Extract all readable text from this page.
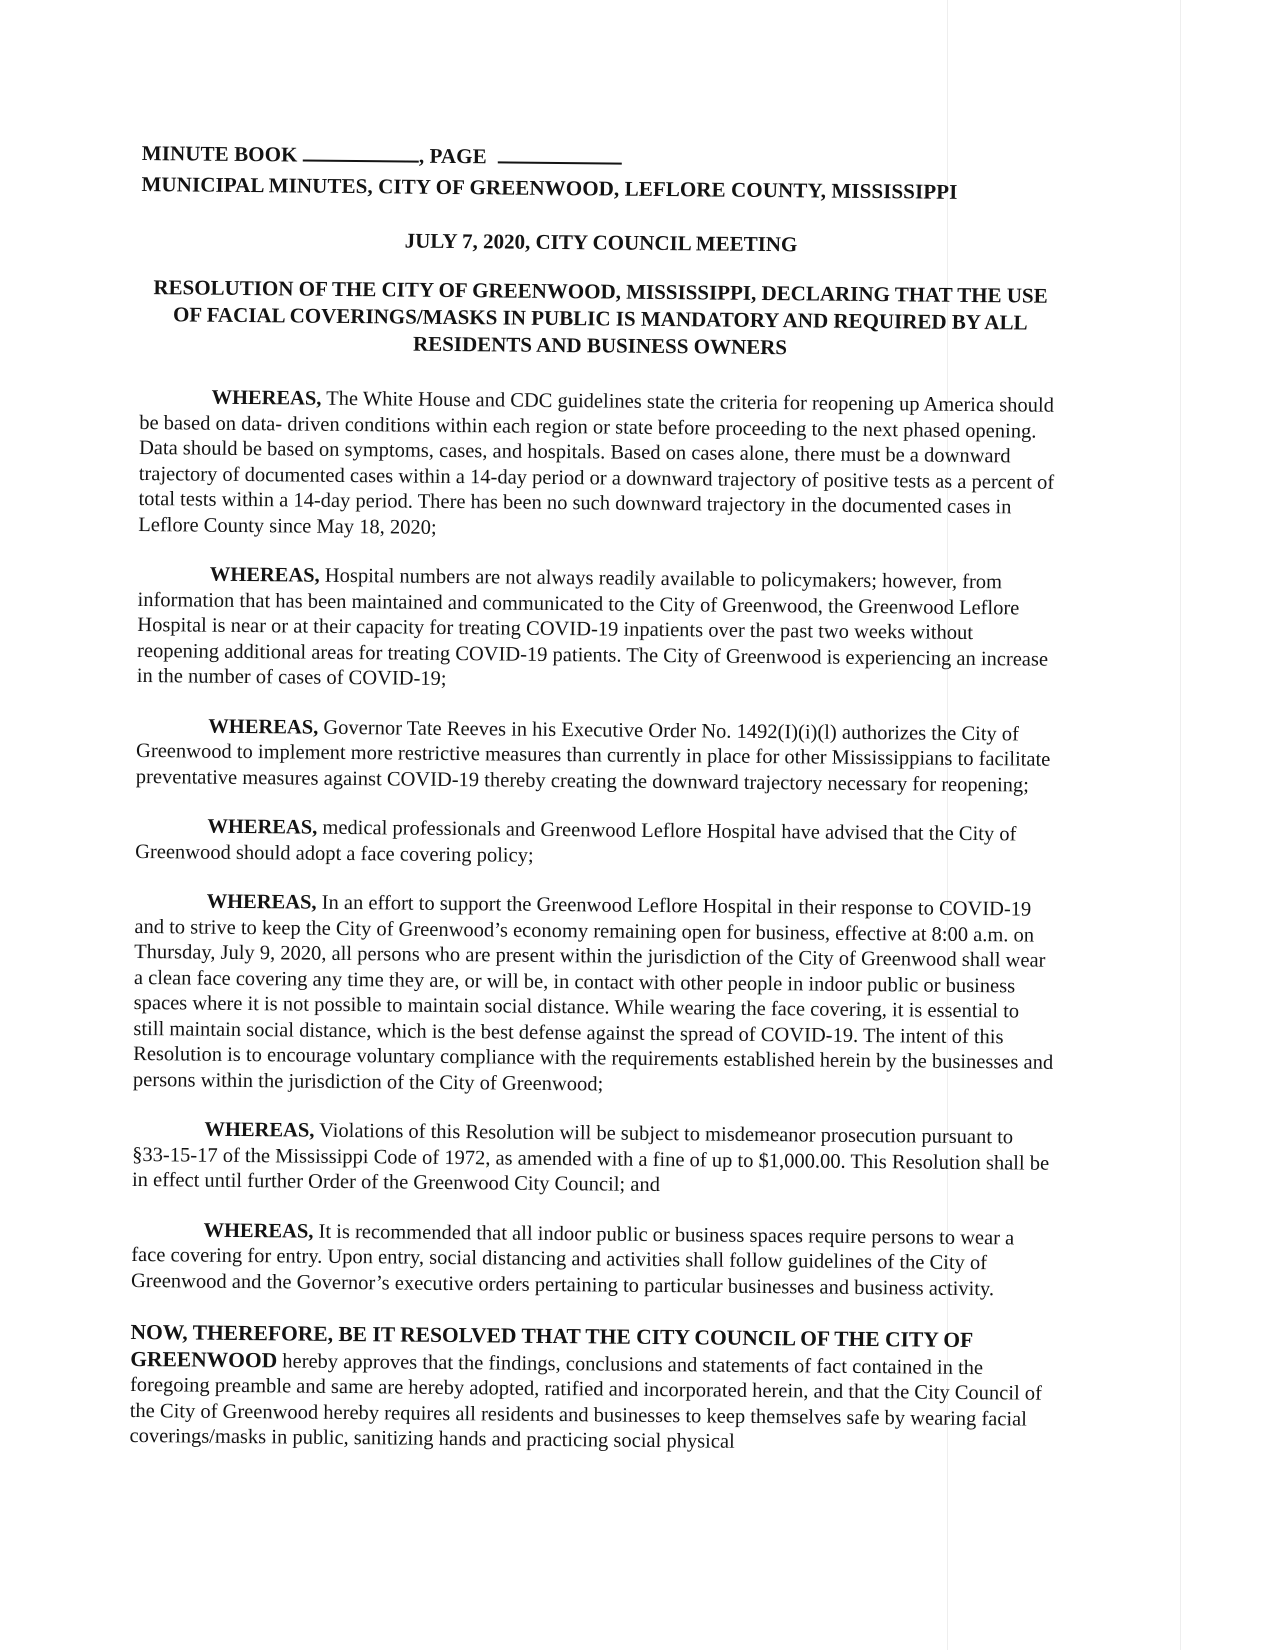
MINUTE BOOK	, PAGE
MUNICIPAL MINUTES, CITY OF GREENWOOD, LEFLORE COUNTY, MISSISSIPPI
JULY 7, 2020, CITY COUNCIL MEETING
RESOLUTION OF THE CITY OF GREENWOOD, MISSISSIPPI, DECLARING THAT THE USE OF FACIAL COVERINGS/MASKS IN PUBLIC IS MANDATORY AND REQUIRED BY ALL RESIDENTS AND BUSINESS OWNERS
WHEREAS, The White House and CDC guidelines state the criteria for reopening up America should be based on data- driven conditions within each region or state before proceeding to the next phased opening. Data should be based on symptoms, cases, and hospitals. Based on cases alone, there must be a downward trajectory of documented cases within a 14-day period or a downward trajectory of positive tests as a percent of total tests within a 14-day period. There has been no such downward trajectory in the documented cases in Leflore County since May 18, 2020;
WHEREAS, Hospital numbers are not always readily available to policymakers; however, from information that has been maintained and communicated to the City of Greenwood, the Greenwood Leflore Hospital is near or at their capacity for treating COVID-19 inpatients over the past two weeks without reopening additional areas for treating COVID-19 patients. The City of Greenwood is experiencing an increase in the number of cases of COVID-19;
WHEREAS, Governor Tate Reeves in his Executive Order No. 1492(I)(i)(l) authorizes the City of Greenwood to implement more restrictive measures than currently in place for other Mississippians to facilitate preventative measures against COVID-19 thereby creating the downward trajectory necessary for reopening;
WHEREAS, medical professionals and Greenwood Leflore Hospital have advised that the City of Greenwood should adopt a face covering policy;
WHEREAS, In an effort to support the Greenwood Leflore Hospital in their response to COVID-19 and to strive to keep the City of Greenwood’s economy remaining open for business, effective at 8:00 a.m. on Thursday, July 9, 2020, all persons who are present within the jurisdiction of the City of Greenwood shall wear a clean face covering any time they are, or will be, in contact with other people in indoor public or business spaces where it is not possible to maintain social distance. While wearing the face covering, it is essential to still maintain social distance, which is the best defense against the spread of COVID-19. The intent of this Resolution is to encourage voluntary compliance with the requirements established herein by the businesses and persons within the jurisdiction of the City of Greenwood;
WHEREAS, Violations of this Resolution will be subject to misdemeanor prosecution pursuant to §33-15-17 of the Mississippi Code of 1972, as amended with a fine of up to $1,000.00. This Resolution shall be in effect until further Order of the Greenwood City Council; and
WHEREAS, It is recommended that all indoor public or business spaces require persons to wear a face covering for entry. Upon entry, social distancing and activities shall follow guidelines of the City of Greenwood and the Governor’s executive orders pertaining to particular businesses and business activity.
NOW, THEREFORE, BE IT RESOLVED THAT THE CITY COUNCIL OF THE CITY OF GREENWOOD hereby approves that the findings, conclusions and statements of fact contained in the foregoing preamble and same are hereby adopted, ratified and incorporated herein, and that the City Council of the City of Greenwood hereby requires all residents and businesses to keep themselves safe by wearing facial coverings/masks in public, sanitizing hands and practicing social physical
